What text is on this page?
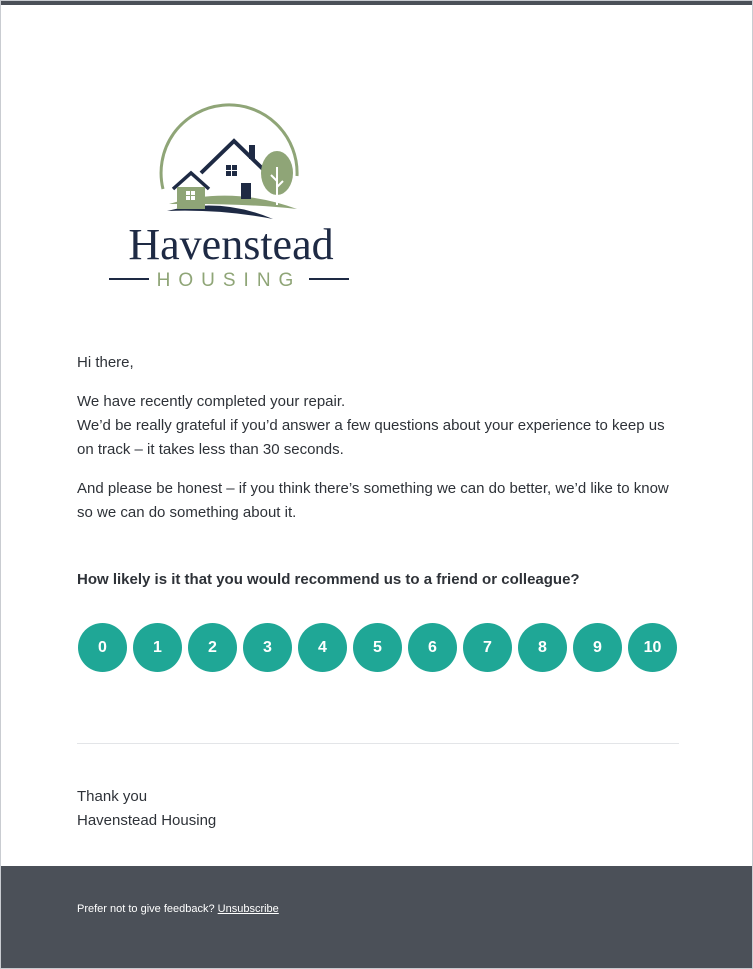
Havenstead
HOUSING

Hi there,

We have recently completed your repair.
We’d be really grateful if you’d answer a few questions about your experience to keep us on track – it takes less than 30 seconds.

And please be honest – if you think there’s something we can do better, we’d like to know so we can do something about it.

How likely is it that you would recommend us to a friend or colleague?
0	1	2	3	4	5	6	7	8	9	10
Thank you
Havenstead Housing
Prefer not to give feedback? Unsubscribe
